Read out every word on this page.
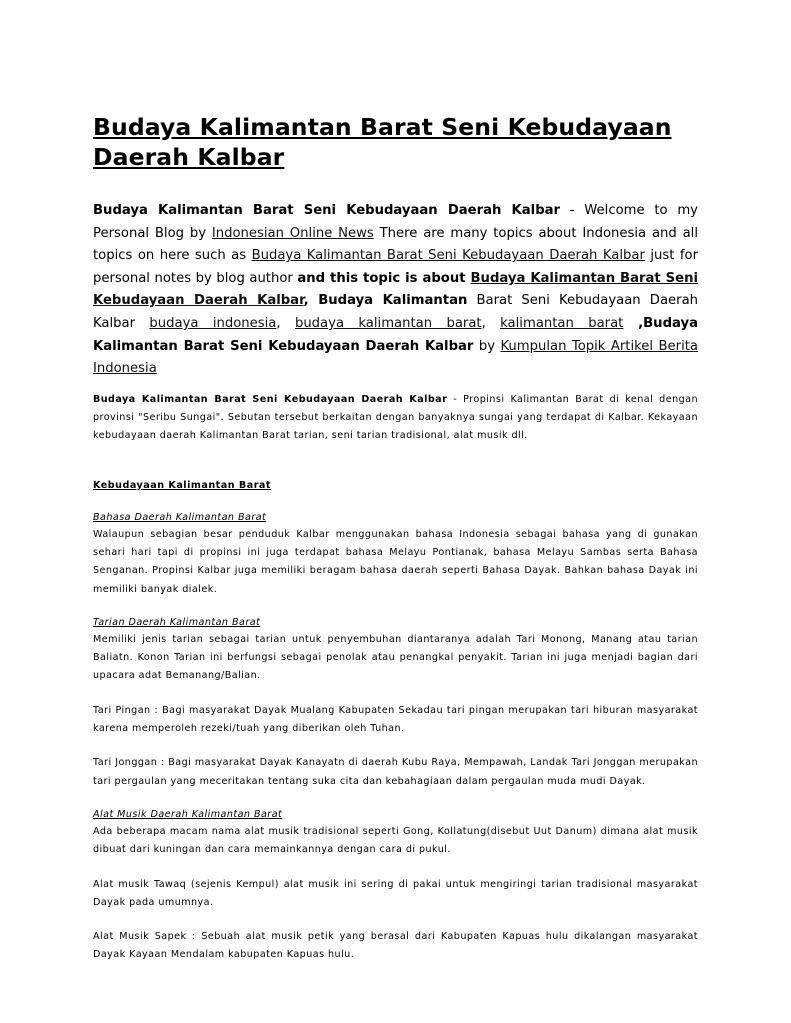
Budaya Kalimantan Barat Seni Kebudayaan Daerah Kalbar
Budaya Kalimantan Barat Seni Kebudayaan Daerah Kalbar - Welcome to my Personal Blog by Indonesian Online News There are many topics about Indonesia and all topics on here such as Budaya Kalimantan Barat Seni Kebudayaan Daerah Kalbar just for personal notes by blog author and this topic is about Budaya Kalimantan Barat Seni Kebudayaan Daerah Kalbar, Budaya Kalimantan Barat Seni Kebudayaan Daerah Kalbar budaya indonesia, budaya kalimantan barat, kalimantan barat ,Budaya Kalimantan Barat Seni Kebudayaan Daerah Kalbar by Kumpulan Topik Artikel Berita Indonesia
Budaya Kalimantan Barat Seni Kebudayaan Daerah Kalbar - Propinsi Kalimantan Barat di kenal dengan provinsi "Seribu Sungai". Sebutan tersebut berkaitan dengan banyaknya sungai yang terdapat di Kalbar. Kekayaan kebudayaan daerah Kalimantan Barat tarian, seni tarian tradisional, alat musik dll.
Kebudayaan Kalimantan Barat
Bahasa Daerah Kalimantan Barat
Walaupun sebagian besar penduduk Kalbar menggunakan bahasa Indonesia sebagai bahasa yang di gunakan sehari hari tapi di propinsi ini juga terdapat bahasa Melayu Pontianak, bahasa Melayu Sambas serta Bahasa Senganan. Propinsi Kalbar juga memiliki beragam bahasa daerah seperti Bahasa Dayak. Bahkan bahasa Dayak ini memiliki banyak dialek.
Tarian Daerah Kalimantan Barat
Memiliki jenis tarian sebagai tarian untuk penyembuhan diantaranya adalah Tari Monong, Manang atau tarian Baliatn. Konon Tarian ini berfungsi sebagai penolak atau penangkal penyakit. Tarian ini juga menjadi bagian dari upacara adat Bemanang/Balian.
Tari Pingan : Bagi masyarakat Dayak Mualang Kabupaten Sekadau tari pingan merupakan tari hiburan masyarakat karena memperoleh rezeki/tuah yang diberikan oleh Tuhan.
Tari Jonggan : Bagi masyarakat Dayak Kanayatn di daerah Kubu Raya, Mempawah, Landak Tari Jonggan merupakan tari pergaulan yang meceritakan tentang suka cita dan kebahagiaan dalam pergaulan muda mudi Dayak.
Alat Musik Daerah Kalimantan Barat
Ada beberapa macam nama alat musik tradisional seperti Gong, Kollatung(disebut Uut Danum) dimana alat musik dibuat dari kuningan dan cara memainkannya dengan cara di pukul.
Alat musik Tawaq (sejenis Kempul) alat musik ini sering di pakai untuk mengiringi tarian tradisional masyarakat Dayak pada umumnya.
Alat Musik Sapek : Sebuah alat musik petik yang berasal dari Kabupaten Kapuas hulu dikalangan masyarakat Dayak Kayaan Mendalam kabupaten Kapuas hulu.
